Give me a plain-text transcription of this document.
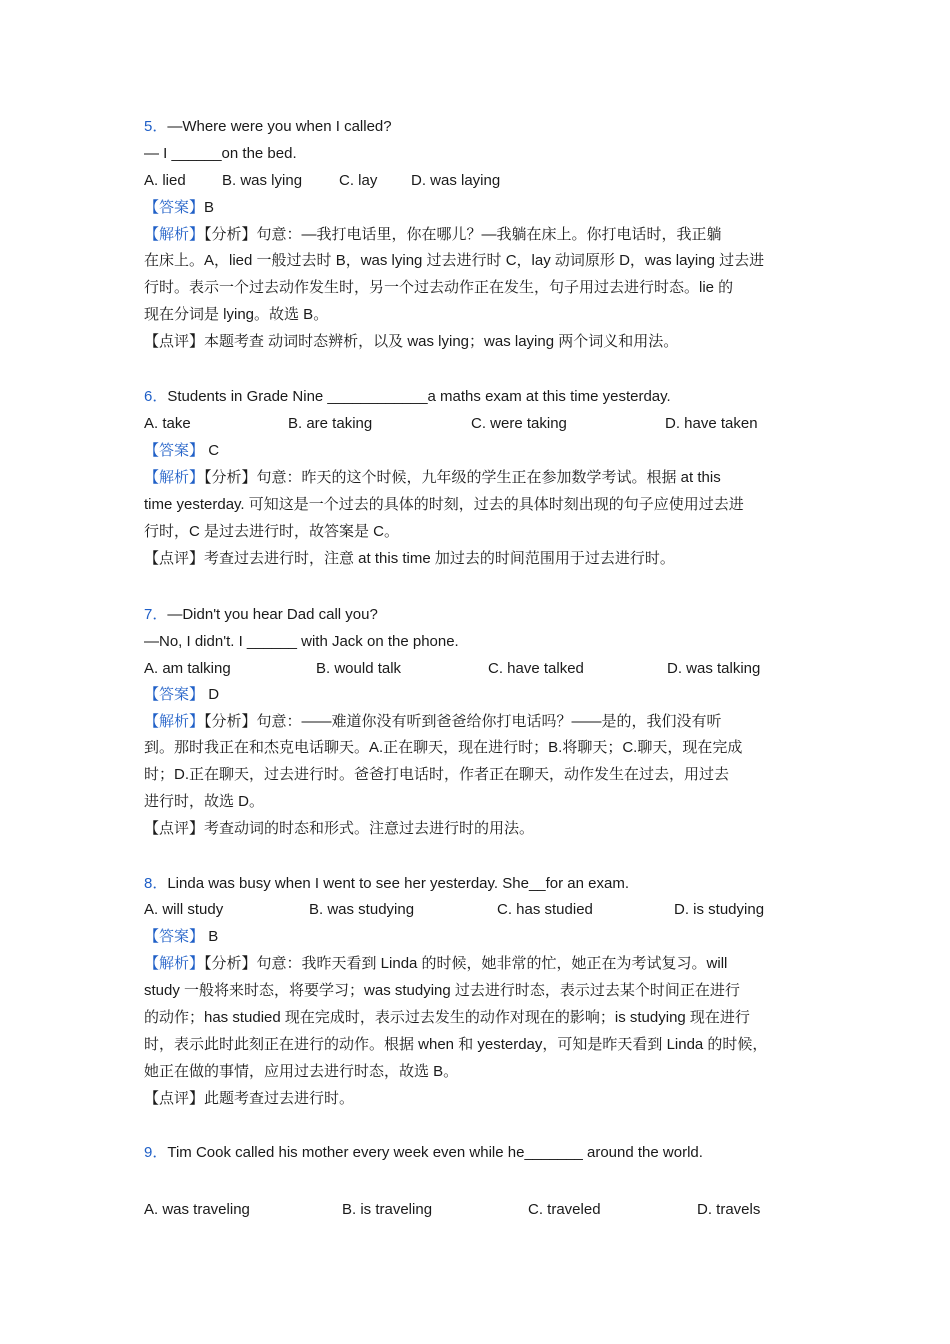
5．—Where were you when I called?
— I ______on the bed.
A. lied B. was lying C. lay D. was laying
【答案】B
【解析】【分析】句意：—我打电话里，你在哪儿？—我躺在床上。你打电话时，我正躺
在床上。A，lied 一般过去时 B，was lying 过去进行时 C，lay 动词原形 D，was laying 过去进
行时。表示一个过去动作发生时，另一个过去动作正在发生，句子用过去进行时态。lie 的
现在分词是 lying。故选 B。
【点评】本题考查 动词时态辨析，以及 was lying；was laying 两个词义和用法。
6．Students in Grade Nine ____________a maths exam at this time yesterday.
A. take	B. are taking	C. were taking	D. have taken
【答案】 C
【解析】【分析】句意：昨天的这个时候，九年级的学生正在参加数学考试。根据 at this
time yesterday. 可知这是一个过去的具体的时刻，过去的具体时刻出现的句子应使用过去进
行时，C 是过去进行时，故答案是 C。
【点评】考查过去进行时，注意 at this time 加过去的时间范围用于过去进行时。
7．—Didn't you hear Dad call you?
—No, I didn't. I ______ with Jack on the phone.
A. am talking	B. would talk	C. have talked	D. was talking
【答案】 D
【解析】【分析】句意：——难道你没有听到爸爸给你打电话吗？——是的，我们没有听
到。那时我正在和杰克电话聊天。A.正在聊天，现在进行时；B.将聊天；C.聊天，现在完成
时；D.正在聊天，过去进行时。爸爸打电话时，作者正在聊天，动作发生在过去，用过去
进行时，故选 D。
【点评】考查动词的时态和形式。注意过去进行时的用法。
8．Linda was busy when I went to see her yesterday. She__for an exam.
A. will study	B. was studying	C. has studied	D. is studying
【答案】 B
【解析】【分析】句意：我昨天看到 Linda 的时候，她非常的忙，她正在为考试复习。will
study 一般将来时态，将要学习；was studying 过去进行时态，表示过去某个时间正在进行
的动作；has studied 现在完成时，表示过去发生的动作对现在的影响；is studying 现在进行
时，表示此时此刻正在进行的动作。根据 when 和 yesterday，可知是昨天看到 Linda 的时候，
她正在做的事情，应用过去进行时态，故选 B。
【点评】此题考查过去进行时。
9．Tim Cook called his mother every week even while he_______ around the world.
A. was traveling	B. is traveling	C. traveled	D. travels
